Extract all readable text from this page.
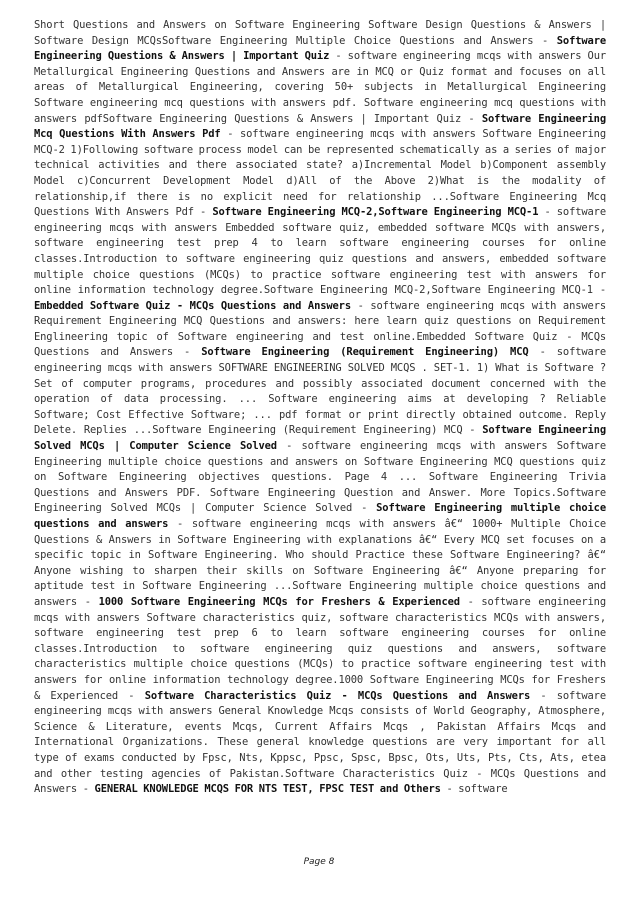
Short Questions and Answers on Software Engineering Software Design Questions & Answers | Software Design MCQsSoftware Engineering Multiple Choice Questions and Answers - Software Engineering Questions & Answers | Important Quiz - software engineering mcqs with answers Our Metallurgical Engineering Questions and Answers are in MCQ or Quiz format and focuses on all areas of Metallurgical Engineering, covering 50+ subjects in Metallurgical Engineering Software engineering mcq questions with answers pdf. Software engineering mcq questions with answers pdfSoftware Engineering Questions & Answers | Important Quiz - Software Engineering Mcq Questions With Answers Pdf - software engineering mcqs with answers Software Engineering MCQ-2 1)Following software process model can be represented schematically as a series of major technical activities and there associated state? a)Incremental Model b)Component assembly Model c)Concurrent Development Model d)All of the Above 2)What is the modality of relationship,if there is no explicit need for relationship ...Software Engineering Mcq Questions With Answers Pdf - Software Engineering MCQ-2,Software Engineering MCQ-1 - software engineering mcqs with answers Embedded software quiz, embedded software MCQs with answers, software engineering test prep 4 to learn software engineering courses for online classes.Introduction to software engineering quiz questions and answers, embedded software multiple choice questions (MCQs) to practice software engineering test with answers for online information technology degree.Software Engineering MCQ-2,Software Engineering MCQ-1 - Embedded Software Quiz - MCQs Questions and Answers - software engineering mcqs with answers Requirement Engineering MCQ Questions and answers: here learn quiz questions on Requirement Englineering topic of Software engineering and test online.Embedded Software Quiz - MCQs Questions and Answers - Software Engineering (Requirement Engineering) MCQ - software engineering mcqs with answers SOFTWARE ENGINEERING SOLVED MCQS . SET-1. 1) What is Software ? Set of computer programs, procedures and possibly associated document concerned with the operation of data processing. ... Software engineering aims at developing ? Reliable Software; Cost Effective Software; ... pdf format or print directly obtained outcome. Reply Delete. Replies ...Software Engineering (Requirement Engineering) MCQ - Software Engineering Solved MCQs | Computer Science Solved - software engineering mcqs with answers Software Engineering multiple choice questions and answers on Software Engineering MCQ questions quiz on Software Engineering objectives questions. Page 4 ... Software Engineering Trivia Questions and Answers PDF. Software Engineering Question and Answer. More Topics.Software Engineering Solved MCQs | Computer Science Solved - Software Engineering multiple choice questions and answers - software engineering mcqs with answers â€“ 1000+ Multiple Choice Questions & Answers in Software Engineering with explanations â€“ Every MCQ set focuses on a specific topic in Software Engineering. Who should Practice these Software Engineering? â€“ Anyone wishing to sharpen their skills on Software Engineering â€“ Anyone preparing for aptitude test in Software Engineering ...Software Engineering multiple choice questions and answers - 1000 Software Engineering MCQs for Freshers & Experienced - software engineering mcqs with answers Software characteristics quiz, software characteristics MCQs with answers, software engineering test prep 6 to learn software engineering courses for online classes.Introduction to software engineering quiz questions and answers, software characteristics multiple choice questions (MCQs) to practice software engineering test with answers for online information technology degree.1000 Software Engineering MCQs for Freshers & Experienced - Software Characteristics Quiz - MCQs Questions and Answers - software engineering mcqs with answers General Knowledge Mcqs consists of World Geography, Atmosphere, Science & Literature, events Mcqs, Current Affairs Mcqs , Pakistan Affairs Mcqs and International Organizations. These general knowledge questions are very important for all type of exams conducted by Fpsc, Nts, Kppsc, Ppsc, Spsc, Bpsc, Ots, Uts, Pts, Cts, Ats, etea and other testing agencies of Pakistan.Software Characteristics Quiz - MCQs Questions and Answers - GENERAL KNOWLEDGE MCQS FOR NTS TEST, FPSC TEST and Others - software

Page 8
